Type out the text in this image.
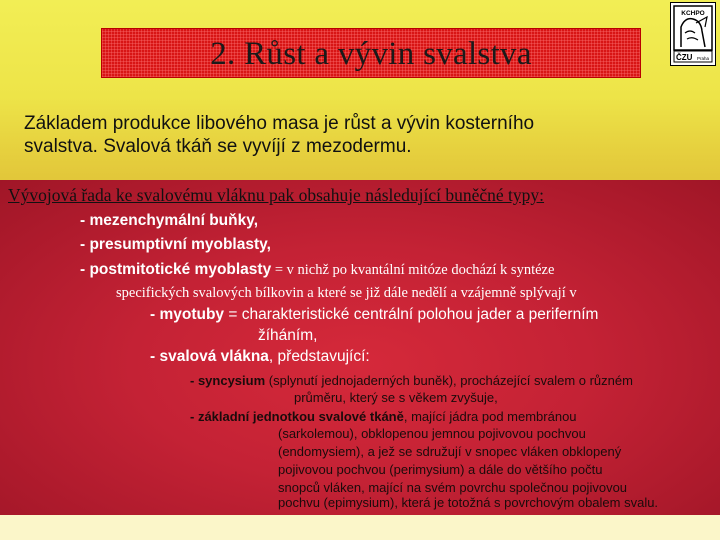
2. Růst a vývin svalstva
KCHPO
ČZU Praha
Základem produkce libového masa je růst a vývin kosterního
svalstva. Svalová tkáň se vyvíjí z mezodermu.
Vývojová řada ke svalovému vláknu pak obsahuje následující buněčné typy:
- mezenchymální buňky,
- presumptivní myoblasty,
- postmitotické myoblasty = v nichž po kvantální mitóze dochází k syntéze
specifických svalových bílkovin a které se již dále nedělí a vzájemně splývají v
- myotuby = charakteristické centrální polohou jader a periferním
žíháním,
- svalová vlákna, představující:
- syncysium (splynutí jednojaderných buněk), procházející svalem o různém
průměru, který se s věkem zvyšuje,
- základní jednotkou svalové tkáně, mající jádra pod membránou
(sarkolemou), obklopenou jemnou pojivovou pochvou
(endomysiem), a jež se sdružují v snopec vláken obklopený
pojivovou pochvou (perimysium) a dále do většího počtu
snopců vláken, mající na svém povrchu společnou pojivovou
pochvu (epimysium), která je totožná s povrchovým obalem svalu.
